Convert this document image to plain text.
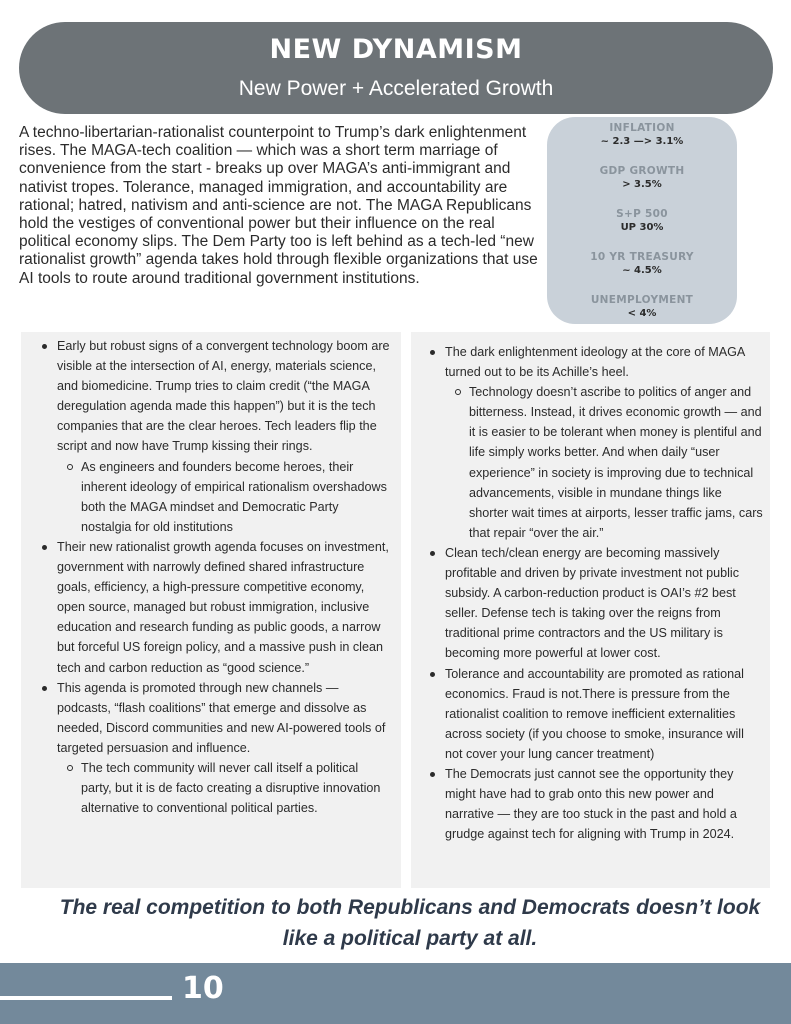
NEW DYNAMISM
New Power + Accelerated Growth

A techno-libertarian-rationalist counterpoint to Trump’s dark enlightenment rises. The MAGA-tech coalition — which was a short term marriage of convenience from the start - breaks up over MAGA’s anti-immigrant and nativist tropes. Tolerance, managed immigration, and accountability are rational; hatred, nativism and anti-science are not. The MAGA Republicans hold the vestiges of conventional power but their influence on the real political economy slips. The Dem Party too is left behind as a tech-led “new rationalist growth” agenda takes hold through flexible organizations that use AI tools to route around traditional government institutions.

INFLATION
~ 2.3 —> 3.1%
GDP GROWTH
> 3.5%
S+P 500
UP 30%
10 YR TREASURY
~ 4.5%
UNEMPLOYMENT
< 4%
Early but robust signs of a convergent technology boom are visible at the intersection of AI, energy, materials science, and biomedicine. Trump tries to claim credit (“the MAGA deregulation agenda made this happen”) but it is the tech companies that are the clear heroes. Tech leaders flip the script and now have Trump kissing their rings.
As engineers and founders become heroes, their inherent ideology of empirical rationalism overshadows both the MAGA mindset and Democratic Party nostalgia for old institutions
Their new rationalist growth agenda focuses on investment, government with narrowly defined shared infrastructure goals, efficiency, a high-pressure competitive economy, open source, managed but robust immigration, inclusive education and research funding as public goods, a narrow but forceful US foreign policy, and a massive push in clean tech and carbon reduction as “good science.”
This agenda is promoted through new channels — podcasts, “flash coalitions” that emerge and dissolve as needed, Discord communities and new AI-powered tools of targeted persuasion and influence.
The tech community will never call itself a political party, but it is de facto creating a disruptive innovation alternative to conventional political parties.
The dark enlightenment ideology at the core of MAGA turned out to be its Achille’s heel.
Technology doesn’t ascribe to politics of anger and bitterness. Instead, it drives economic growth — and it is easier to be tolerant when money is plentiful and life simply works better. And when daily “user experience” in society is improving due to technical advancements, visible in mundane things like shorter wait times at airports, lesser traffic jams, cars that repair “over the air.”
Clean tech/clean energy are becoming massively profitable and driven by private investment not public subsidy. A carbon-reduction product is OAI’s #2 best seller. Defense tech is taking over the reigns from traditional prime contractors and the US military is becoming more powerful at lower cost.
Tolerance and accountability are promoted as rational economics. Fraud is not.There is pressure from the rationalist coalition to remove inefficient externalities across society (if you choose to smoke, insurance will not cover your lung cancer treatment)
The Democrats just cannot see the opportunity they might have had to grab onto this new power and narrative — they are too stuck in the past and hold a grudge against tech for aligning with Trump in 2024.
The real competition to both Republicans and Democrats doesn’t look like a political party at all.
10
